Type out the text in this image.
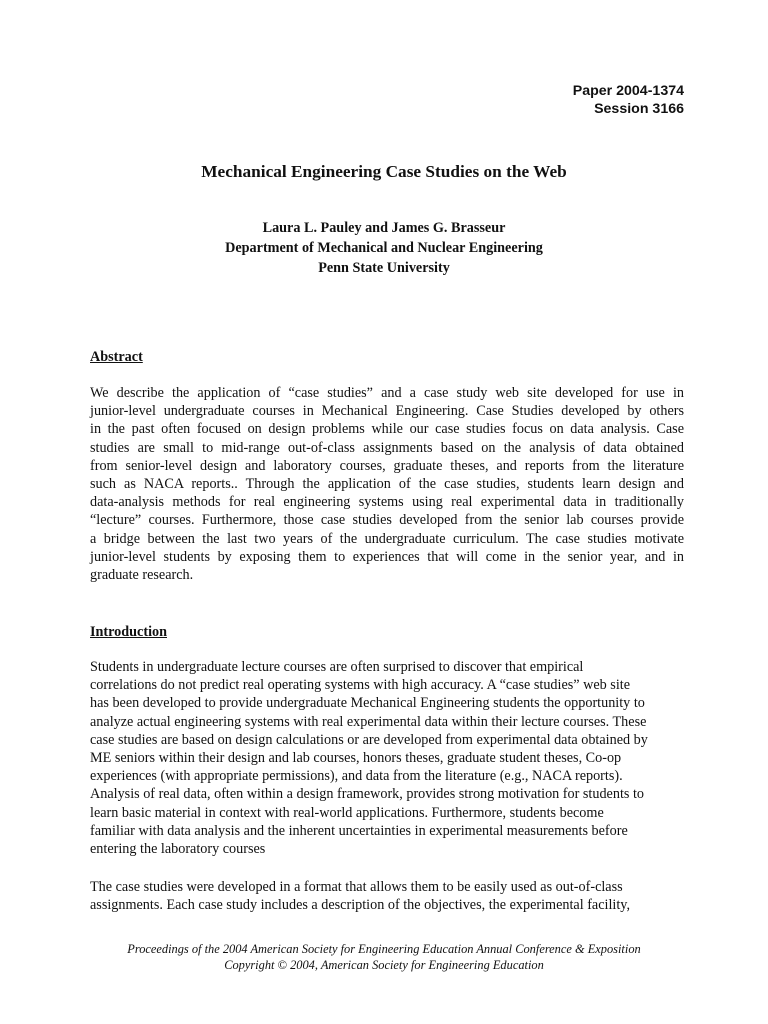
Paper 2004-1374
Session 3166
Mechanical Engineering Case Studies on the Web
Laura L. Pauley and James G. Brasseur
Department of Mechanical and Nuclear Engineering
Penn State University
Abstract
We describe the application of “case studies” and a case study web site developed for use in
junior-level undergraduate courses in Mechanical Engineering. Case Studies developed by others
in the past often focused on design problems while our case studies focus on data analysis. Case
studies are small to mid-range out-of-class assignments based on the analysis of data obtained
from senior-level design and laboratory courses, graduate theses, and reports from the literature
such as NACA reports.. Through the application of the case studies, students learn design and
data-analysis methods for real engineering systems using real experimental data in traditionally
“lecture” courses. Furthermore, those case studies developed from the senior lab courses provide
a bridge between the last two years of the undergraduate curriculum. The case studies motivate
junior-level students by exposing them to experiences that will come in the senior year, and in
graduate research.
Introduction
Students in undergraduate lecture courses are often surprised to discover that empirical
correlations do not predict real operating systems with high accuracy. A “case studies” web site
has been developed to provide undergraduate Mechanical Engineering students the opportunity to
analyze actual engineering systems with real experimental data within their lecture courses. These
case studies are based on design calculations or are developed from experimental data obtained by
ME seniors within their design and lab courses, honors theses, graduate student theses, Co-op
experiences (with appropriate permissions), and data from the literature (e.g., NACA reports).
Analysis of real data, often within a design framework, provides strong motivation for students to
learn basic material in context with real-world applications. Furthermore, students become
familiar with data analysis and the inherent uncertainties in experimental measurements before
entering the laboratory courses
The case studies were developed in a format that allows them to be easily used as out-of-class
assignments. Each case study includes a description of the objectives, the experimental facility,
Proceedings of the 2004 American Society for Engineering Education Annual Conference & Exposition
Copyright © 2004, American Society for Engineering Education
